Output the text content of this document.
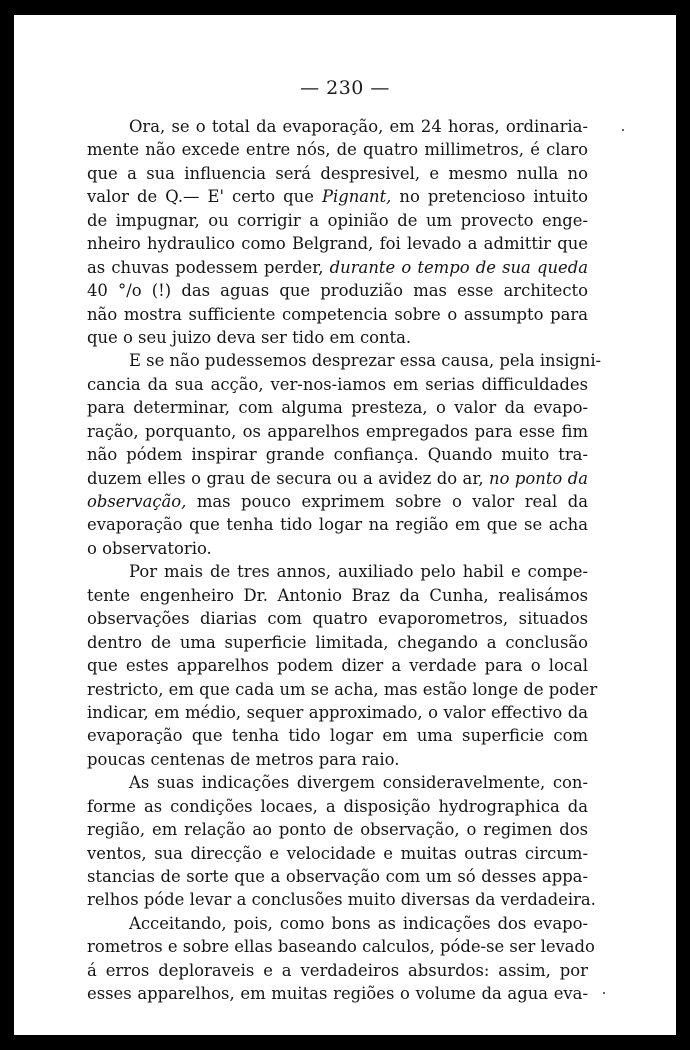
— 230 —
Ora, se o total da evaporação, em 24 horas, ordinaria-
mente não excede entre nós, de quatro millimetros, é claro
que a sua influencia será despresivel, e mesmo nulla no
valor de Q.— E' certo que Pignant, no pretencioso intuito
de impugnar, ou corrigir a opinião de um provecto enge-
nheiro hydraulico como Belgrand, foi levado a admittir que
as chuvas podessem perder, durante o tempo de sua queda
40 °/o (!) das aguas que produzião mas esse architecto
não mostra sufficiente competencia sobre o assumpto para
que o seu juizo deva ser tido em conta.
E se não pudessemos desprezar essa causa, pela insigni-
cancia da sua acção, ver-nos-iamos em serias difficuldades
para determinar, com alguma presteza, o valor da evapo-
ração, porquanto, os apparelhos empregados para esse fim
não pódem inspirar grande confiança. Quando muito tra-
duzem elles o grau de secura ou a avidez do ar, no ponto da
observação, mas pouco exprimem sobre o valor real da
evaporação que tenha tido logar na região em que se acha
o observatorio.
Por mais de tres annos, auxiliado pelo habil e compe-
tente engenheiro Dr. Antonio Braz da Cunha, realisámos
observações diarias com quatro evaporometros, situados
dentro de uma superficie limitada, chegando a conclusão
que estes apparelhos podem dizer a verdade para o local
restricto, em que cada um se acha, mas estão longe de poder
indicar, em médio, sequer approximado, o valor effectivo da
evaporação que tenha tido logar em uma superficie com
poucas centenas de metros para raio.
As suas indicações divergem consideravelmente, con-
forme as condições locaes, a disposição hydrographica da
região, em relação ao ponto de observação, o regimen dos
ventos, sua direcção e velocidade e muitas outras circum-
stancias de sorte que a observação com um só desses appa-
relhos póde levar a conclusões muito diversas da verdadeira.
Acceitando, pois, como bons as indicações dos evapo-
rometros e sobre ellas baseando calculos, póde-se ser levado
á erros deploraveis e a verdadeiros absurdos: assim, por
esses apparelhos, em muitas regiões o volume da agua eva-
